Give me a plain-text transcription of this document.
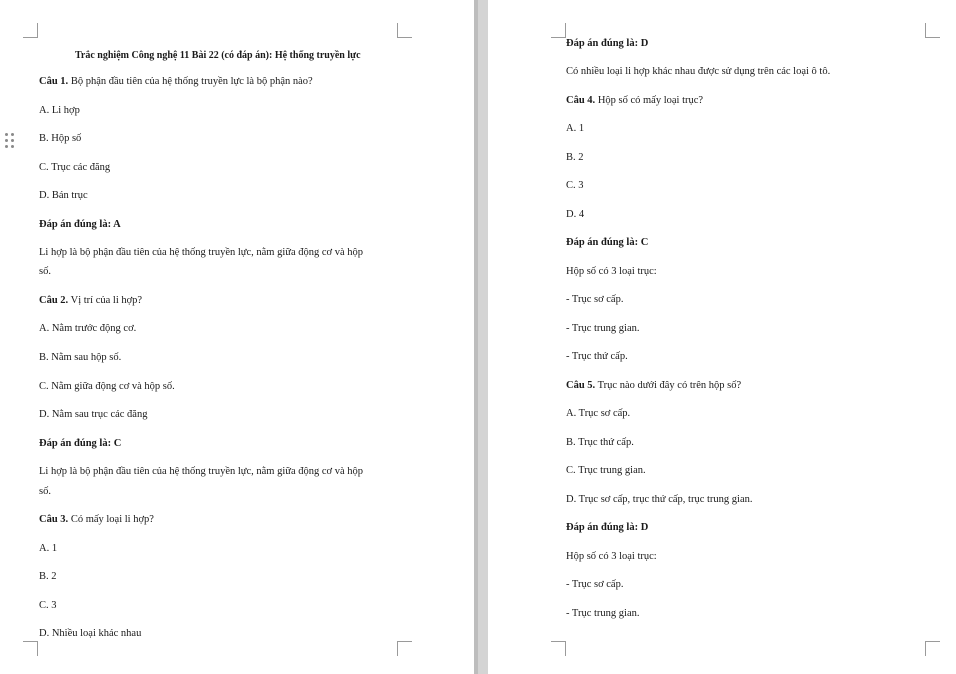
Trắc nghiệm Công nghệ 11 Bài 22 (có đáp án): Hệ thống truyền lực
Câu 1. Bộ phận đầu tiên của hệ thống truyền lực là bộ phận nào?
A. Li hợp
B. Hộp số
C. Trục các đăng
D. Bán trục
Đáp án đúng là: A
Li hợp là bộ phận đầu tiên của hệ thống truyền lực, nằm giữa động cơ và hộp
số.
Câu 2. Vị trí của li hợp?
A. Nằm trước động cơ.
B. Nằm sau hộp số.
C. Nằm giữa động cơ và hộp số.
D. Nằm sau trục các đăng
Đáp án đúng là: C
Li hợp là bộ phận đầu tiên của hệ thống truyền lực, nằm giữa động cơ và hộp
số.
Câu 3. Có mấy loại li hợp?
A. 1
B. 2
C. 3
D. Nhiều loại khác nhau
Đáp án đúng là: D
Có nhiều loại li hợp khác nhau được sử dụng trên các loại ô tô.
Câu 4. Hộp số có mấy loại trục?
A. 1
B. 2
C. 3
D. 4
Đáp án đúng là: C
Hộp số có 3 loại trục:
- Trục sơ cấp.
- Trục trung gian.
- Trục thứ cấp.
Câu 5. Trục nào dưới đây có trên hộp số?
A. Trục sơ cấp.
B. Trục thứ cấp.
C. Trục trung gian.
D. Trục sơ cấp, trục thứ cấp, trục trung gian.
Đáp án đúng là: D
Hộp số có 3 loại trục:
- Trục sơ cấp.
- Trục trung gian.
